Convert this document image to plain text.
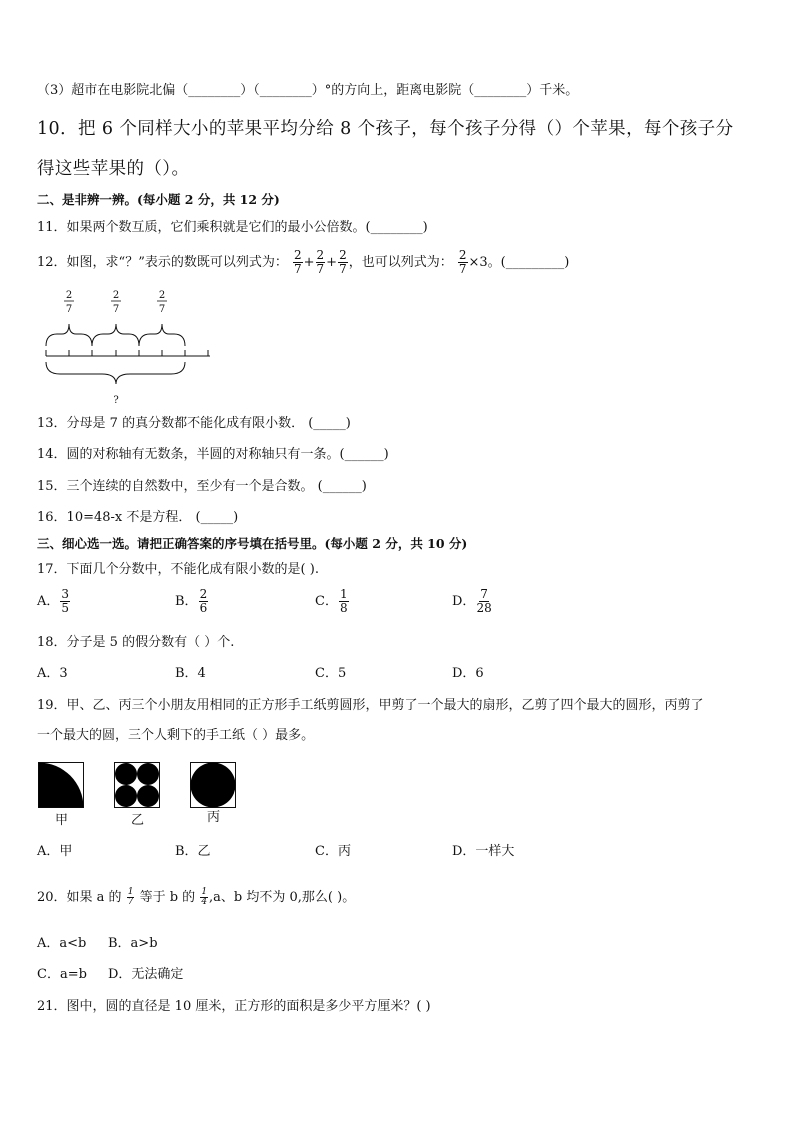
（3）超市在电影院北偏（________）（________）°的方向上，距离电影院（________）千米。
10．把 6 个同样大小的苹果平均分给 8 个孩子，每个孩子分得（）个苹果，每个孩子分
得这些苹果的（）。
二、是非辨一辨。(每小题 2 分，共 12 分)
11．如果两个数互质，它们乘积就是它们的最小公倍数。(________)
12．如图，求“？”表示的数既可以列式为： $\frac{2}{7} + \frac{2}{7} + \frac{2}{7}$ ，也可以列式为： $\frac{2}{7} \times 3$。(_________)
2
7
2
7
2
7
?
13．分母是 7 的真分数都不能化成有限小数． (_____)
14．圆的对称轴有无数条，半圆的对称轴只有一条。(______)
15．三个连续的自然数中，至少有一个是合数。 (______)
16．10=48-x 不是方程． (_____)
三、细心选一选。请把正确答案的序号填在括号里。(每小题 2 分，共 10 分)
17．下面几个分数中，不能化成有限小数的是( ).
A． $\frac{3}{5}$	B． $\frac{2}{6}$	C． $\frac{1}{8}$	D． $\frac{7}{28}$
18．分子是 5 的假分数有（ ）个.
A．3	B．4	C．5	D．6
19．甲、乙、丙三个小朋友用相同的正方形手工纸剪圆形，甲剪了一个最大的扇形，乙剪了四个最大的圆形，丙剪了
一个最大的圆，三个人剩下的手工纸（ ）最多。
甲	乙	丙
A．甲	B．乙	C．丙	D．一样大
20．如果 a 的 $\frac{1}{7}$ 等于 b 的 $\frac{1}{4} ,a$、b 均不为 0,那么( )。
A．a<b B．a>b
C．a=b D．无法确定
21．图中，圆的直径是 10 厘米，正方形的面积是多少平方厘米？( )
